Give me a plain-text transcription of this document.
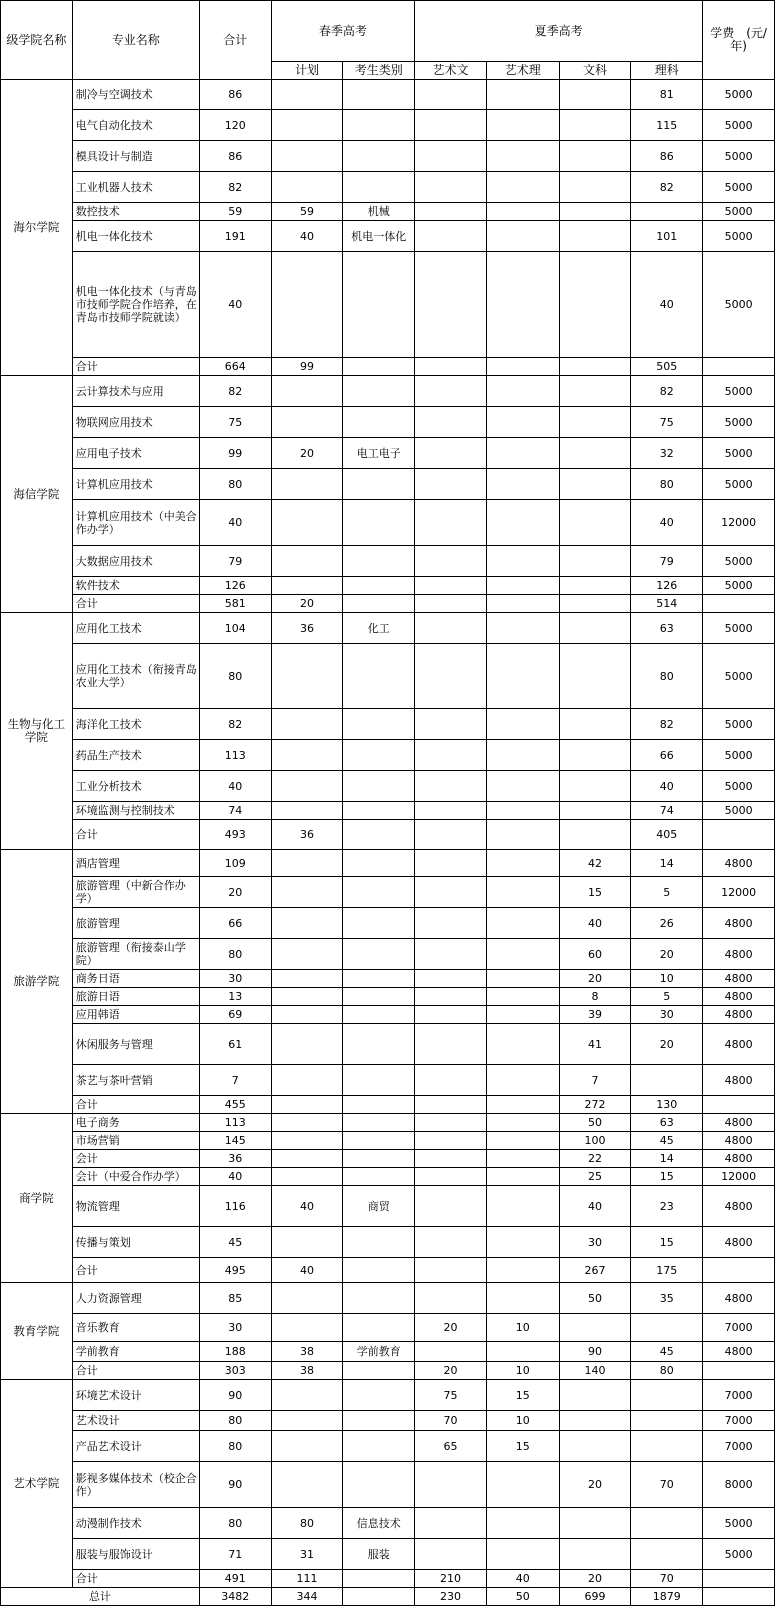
级学院名称	专业名称	合计	春季高考		夏季高考				学费　(元/年)
			计划	考生类别	艺术文	艺术理	文科	理科	
海尔学院	制冷与空调技术	86						81	5000
	电气自动化技术	120						115	5000
	模具设计与制造	86						86	5000
	工业机器人技术	82						82	5000
	数控技术	59	59	机械					5000
	机电一体化技术	191	40	机电一体化				101	5000
	机电一体化技术（与青岛市技师学院合作培养，在青岛市技师学院就读）	40						40	5000
	合计	664	99					505	
海信学院	云计算技术与应用	82						82	5000
	物联网应用技术	75						75	5000
	应用电子技术	99	20	电工电子				32	5000
	计算机应用技术	80						80	5000
	计算机应用技术（中美合作办学）	40						40	12000
	大数据应用技术	79						79	5000
	软件技术	126						126	5000
	合计	581	20					514	
生物与化工学院	应用化工技术	104	36	化工				63	5000
	应用化工技术（衔接青岛农业大学）	80						80	5000
	海洋化工技术	82						82	5000
	药品生产技术	113						66	5000
	工业分析技术	40						40	5000
	环境监测与控制技术	74						74	5000
	合计	493	36					405	
旅游学院	酒店管理	109					42	14	4800
	旅游管理（中新合作办学）	20					15	5	12000
	旅游管理	66					40	26	4800
	旅游管理（衔接泰山学院）	80					60	20	4800
	商务日语	30					20	10	4800
	旅游日语	13					8	5	4800
	应用韩语	69					39	30	4800
	休闲服务与管理	61					41	20	4800
	茶艺与茶叶营销	7					7		4800
	合计	455					272	130	
商学院	电子商务	113					50	63	4800
	市场营销	145					100	45	4800
	会计	36					22	14	4800
	会计（中爱合作办学）	40					25	15	12000
	物流管理	116	40	商贸			40	23	4800
	传播与策划	45					30	15	4800
	合计	495	40				267	175	
教育学院	人力资源管理	85					50	35	4800
	音乐教育	30			20	10			7000
	学前教育	188	38	学前教育			90	45	4800
	合计	303	38		20	10	140	80	
艺术学院	环境艺术设计	90			75	15			7000
	艺术设计	80			70	10			7000
	产品艺术设计	80			65	15			7000
	影视多媒体技术（校企合作）	90					20	70	8000
	动漫制作技术	80	80	信息技术					5000
	服装与服饰设计	71	31	服装					5000
	合计	491	111		210	40	20	70	
总计		3482	344		230	50	699	1879	
